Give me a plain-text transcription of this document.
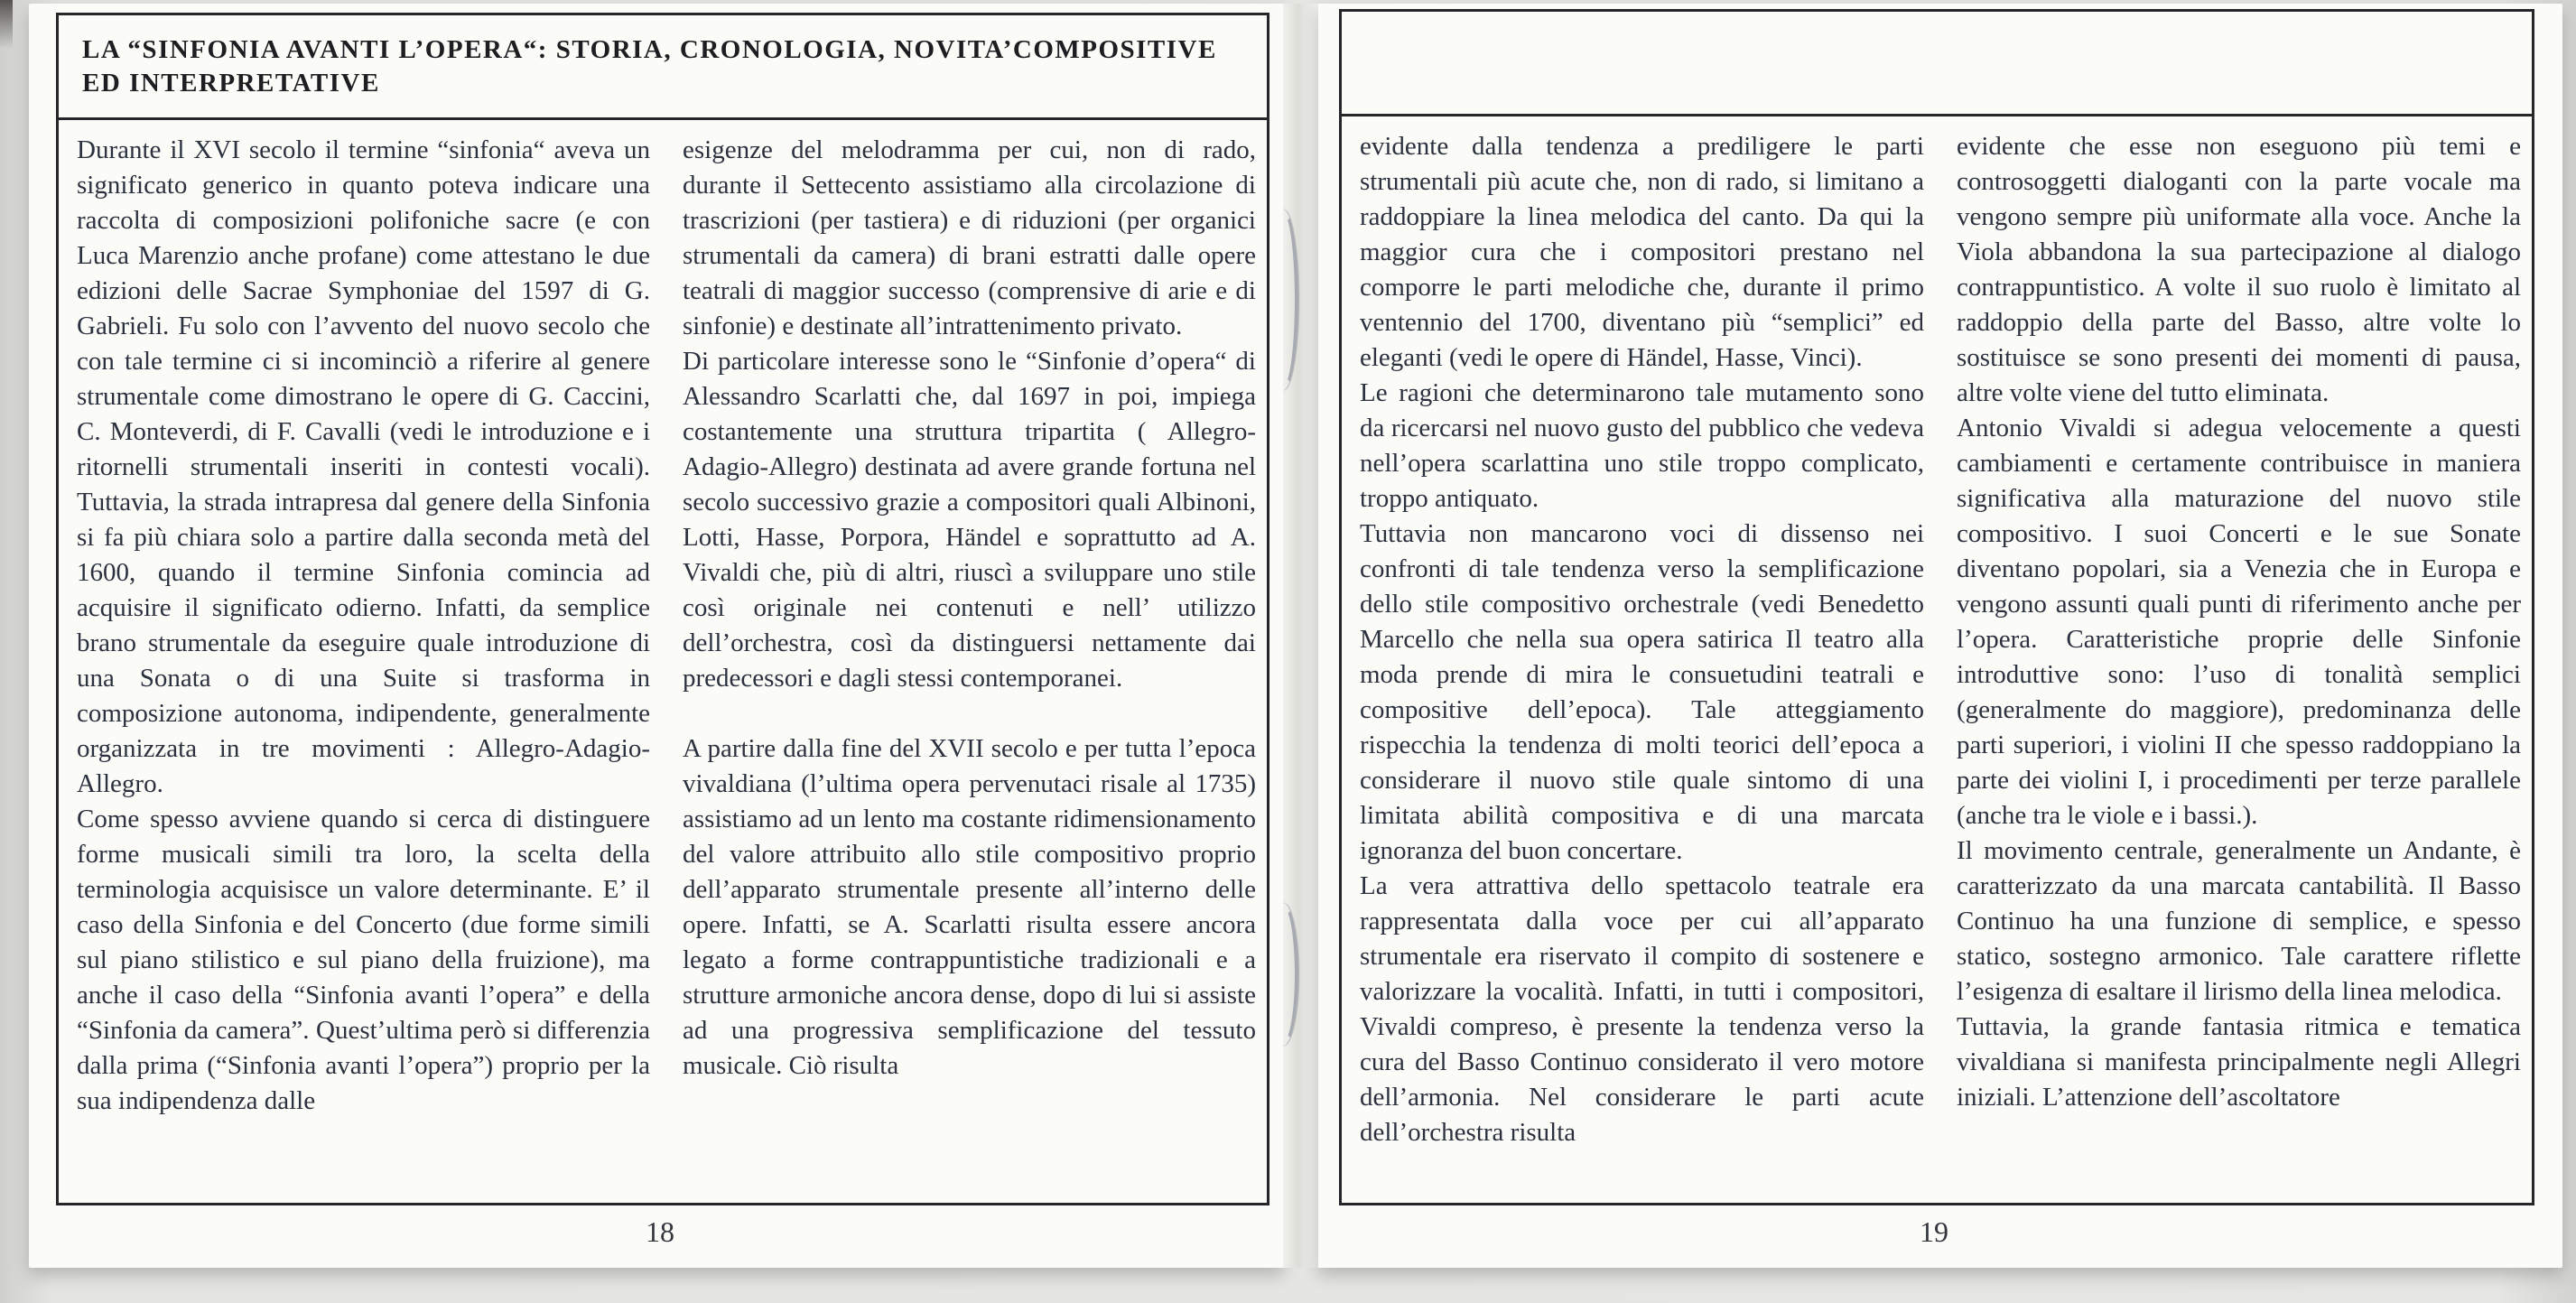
LA “SINFONIA AVANTI L’OPERA“: STORIA, CRONOLOGIA, NOVITA’COMPOSITIVE

ED INTERPRETATIVE

Durante il XVI secolo il termine “sinfonia“ aveva un significato generico in quanto poteva indicare una raccolta di composizioni polifoniche sacre (e con Luca Marenzio anche profane) come attestano le due edizioni delle Sacrae Symphoniae del 1597 di G. Gabrieli. Fu solo con l’avvento del nuovo secolo che con tale termine ci si incominciò a riferire al genere strumentale come dimostrano le opere di G. Caccini, C. Monteverdi, di F. Cavalli (vedi le introduzione e i ritornelli strumentali inseriti in contesti vocali). Tuttavia, la strada intrapresa dal genere della Sinfonia si fa più chiara solo a partire dalla seconda metà del 1600, quando il termine Sinfonia comincia ad acquisire il significato odierno. Infatti, da semplice brano strumentale da eseguire quale introduzione di una Sonata o di una Suite si trasforma in composizione autonoma, indipendente, generalmente organizzata in tre movimenti : Allegro-Adagio-Allegro.

Come spesso avviene quando si cerca di distinguere forme musicali simili tra loro, la scelta della terminologia acquisisce un valore determinante. E’ il caso della Sinfonia e del Concerto (due forme simili sul piano stilistico e sul piano della fruizione), ma anche il caso della “Sinfonia avanti l’opera” e della “Sinfonia da camera”. Quest’ultima però si differenzia dalla prima (“Sinfonia avanti l’opera”) proprio per la sua indipendenza dalle

esigenze del melodramma per cui, non di rado, durante il Settecento assistiamo alla circolazione di trascrizioni (per tastiera) e di riduzioni (per organici strumentali da camera) di brani estratti dalle opere teatrali di maggior successo (comprensive di arie e di sinfonie) e destinate all’intrattenimento privato.

Di particolare interesse sono le “Sinfonie d’opera“ di Alessandro Scarlatti che, dal 1697 in poi, impiega costantemente una struttura tripartita ( Allegro-Adagio-Allegro) destinata ad avere grande fortuna nel secolo successivo grazie a compositori quali Albinoni, Lotti, Hasse, Porpora, Händel e soprattutto ad A. Vivaldi che, più di altri, riuscì a sviluppare uno stile così originale nei contenuti e nell’ utilizzo dell’orchestra, così da distinguersi nettamente dai predecessori e dagli stessi contemporanei.

A partire dalla fine del XVII secolo e per tutta l’epoca vivaldiana (l’ultima opera pervenutaci risale al 1735) assistiamo ad un lento ma costante ridimensionamento del valore attribuito allo stile compositivo proprio dell’apparato strumentale presente all’interno delle opere. Infatti, se A. Scarlatti risulta essere ancora legato a forme contrappuntistiche tradizionali e a strutture armoniche ancora dense, dopo di lui si assiste ad una progressiva semplificazione del tessuto musicale. Ciò risulta

18

evidente dalla tendenza a prediligere le parti strumentali più acute che, non di rado, si limitano a raddoppiare la linea melodica del canto. Da qui la maggior cura che i compositori prestano nel comporre le parti melodiche che, durante il primo ventennio del 1700, diventano più “semplici” ed eleganti (vedi le opere di Händel, Hasse, Vinci).

Le ragioni che determinarono tale mutamento sono da ricercarsi nel nuovo gusto del pubblico che vedeva nell’opera scarlattina uno stile troppo complicato, troppo antiquato.

Tuttavia non mancarono voci di dissenso nei confronti di tale tendenza verso la semplificazione dello stile compositivo orchestrale (vedi Benedetto Marcello che nella sua opera satirica Il teatro alla moda prende di mira le consuetudini teatrali e compositive dell’epoca). Tale atteggiamento rispecchia la tendenza di molti teorici dell’epoca a considerare il nuovo stile quale sintomo di una limitata abilità compositiva e di una marcata ignoranza del buon concertare.

La vera attrattiva dello spettacolo teatrale era rappresentata dalla voce per cui all’apparato strumentale era riservato il compito di sostenere e valorizzare la vocalità. Infatti, in tutti i compositori, Vivaldi compreso, è presente la tendenza verso la cura del Basso Continuo considerato il vero motore dell’armonia. Nel considerare le parti acute dell’orchestra risulta

evidente che esse non eseguono più temi e controsoggetti dialoganti con la parte vocale ma vengono sempre più uniformate alla voce. Anche la Viola abbandona la sua partecipazione al dialogo contrappuntistico. A volte il suo ruolo è limitato al raddoppio della parte del Basso, altre volte lo sostituisce se sono presenti dei momenti di pausa, altre volte viene del tutto eliminata.

Antonio Vivaldi si adegua velocemente a questi cambiamenti e certamente contribuisce in maniera significativa alla maturazione del nuovo stile compositivo. I suoi Concerti e le sue Sonate diventano popolari, sia a Venezia che in Europa e vengono assunti quali punti di riferimento anche per l’opera. Caratteristiche proprie delle Sinfonie introduttive sono: l’uso di tonalità semplici (generalmente do maggiore), predominanza delle parti superiori, i violini II che spesso raddoppiano la parte dei violini I, i procedimenti per terze parallele (anche tra le viole e i bassi.).

Il movimento centrale, generalmente un Andante, è caratterizzato da una marcata cantabilità. Il Basso Continuo ha una funzione di semplice, e spesso statico, sostegno armonico. Tale carattere riflette l’esigenza di esaltare il lirismo della linea melodica.

Tuttavia, la grande fantasia ritmica e tematica vivaldiana si manifesta principalmente negli Allegri iniziali. L’attenzione dell’ascoltatore

19
